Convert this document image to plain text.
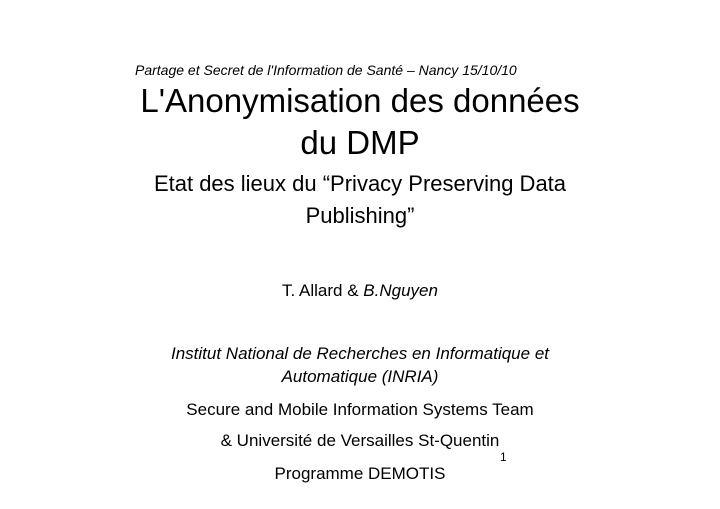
Partage et Secret de l'Information de Santé – Nancy 15/10/10
L'Anonymisation des données
du DMP
Etat des lieux du “Privacy Preserving Data
Publishing”
T. Allard & B.Nguyen
Institut National de Recherches en Informatique et
Automatique (INRIA)
Secure and Mobile Information Systems Team
& Université de Versailles St-Quentin
Programme DEMOTIS
1
